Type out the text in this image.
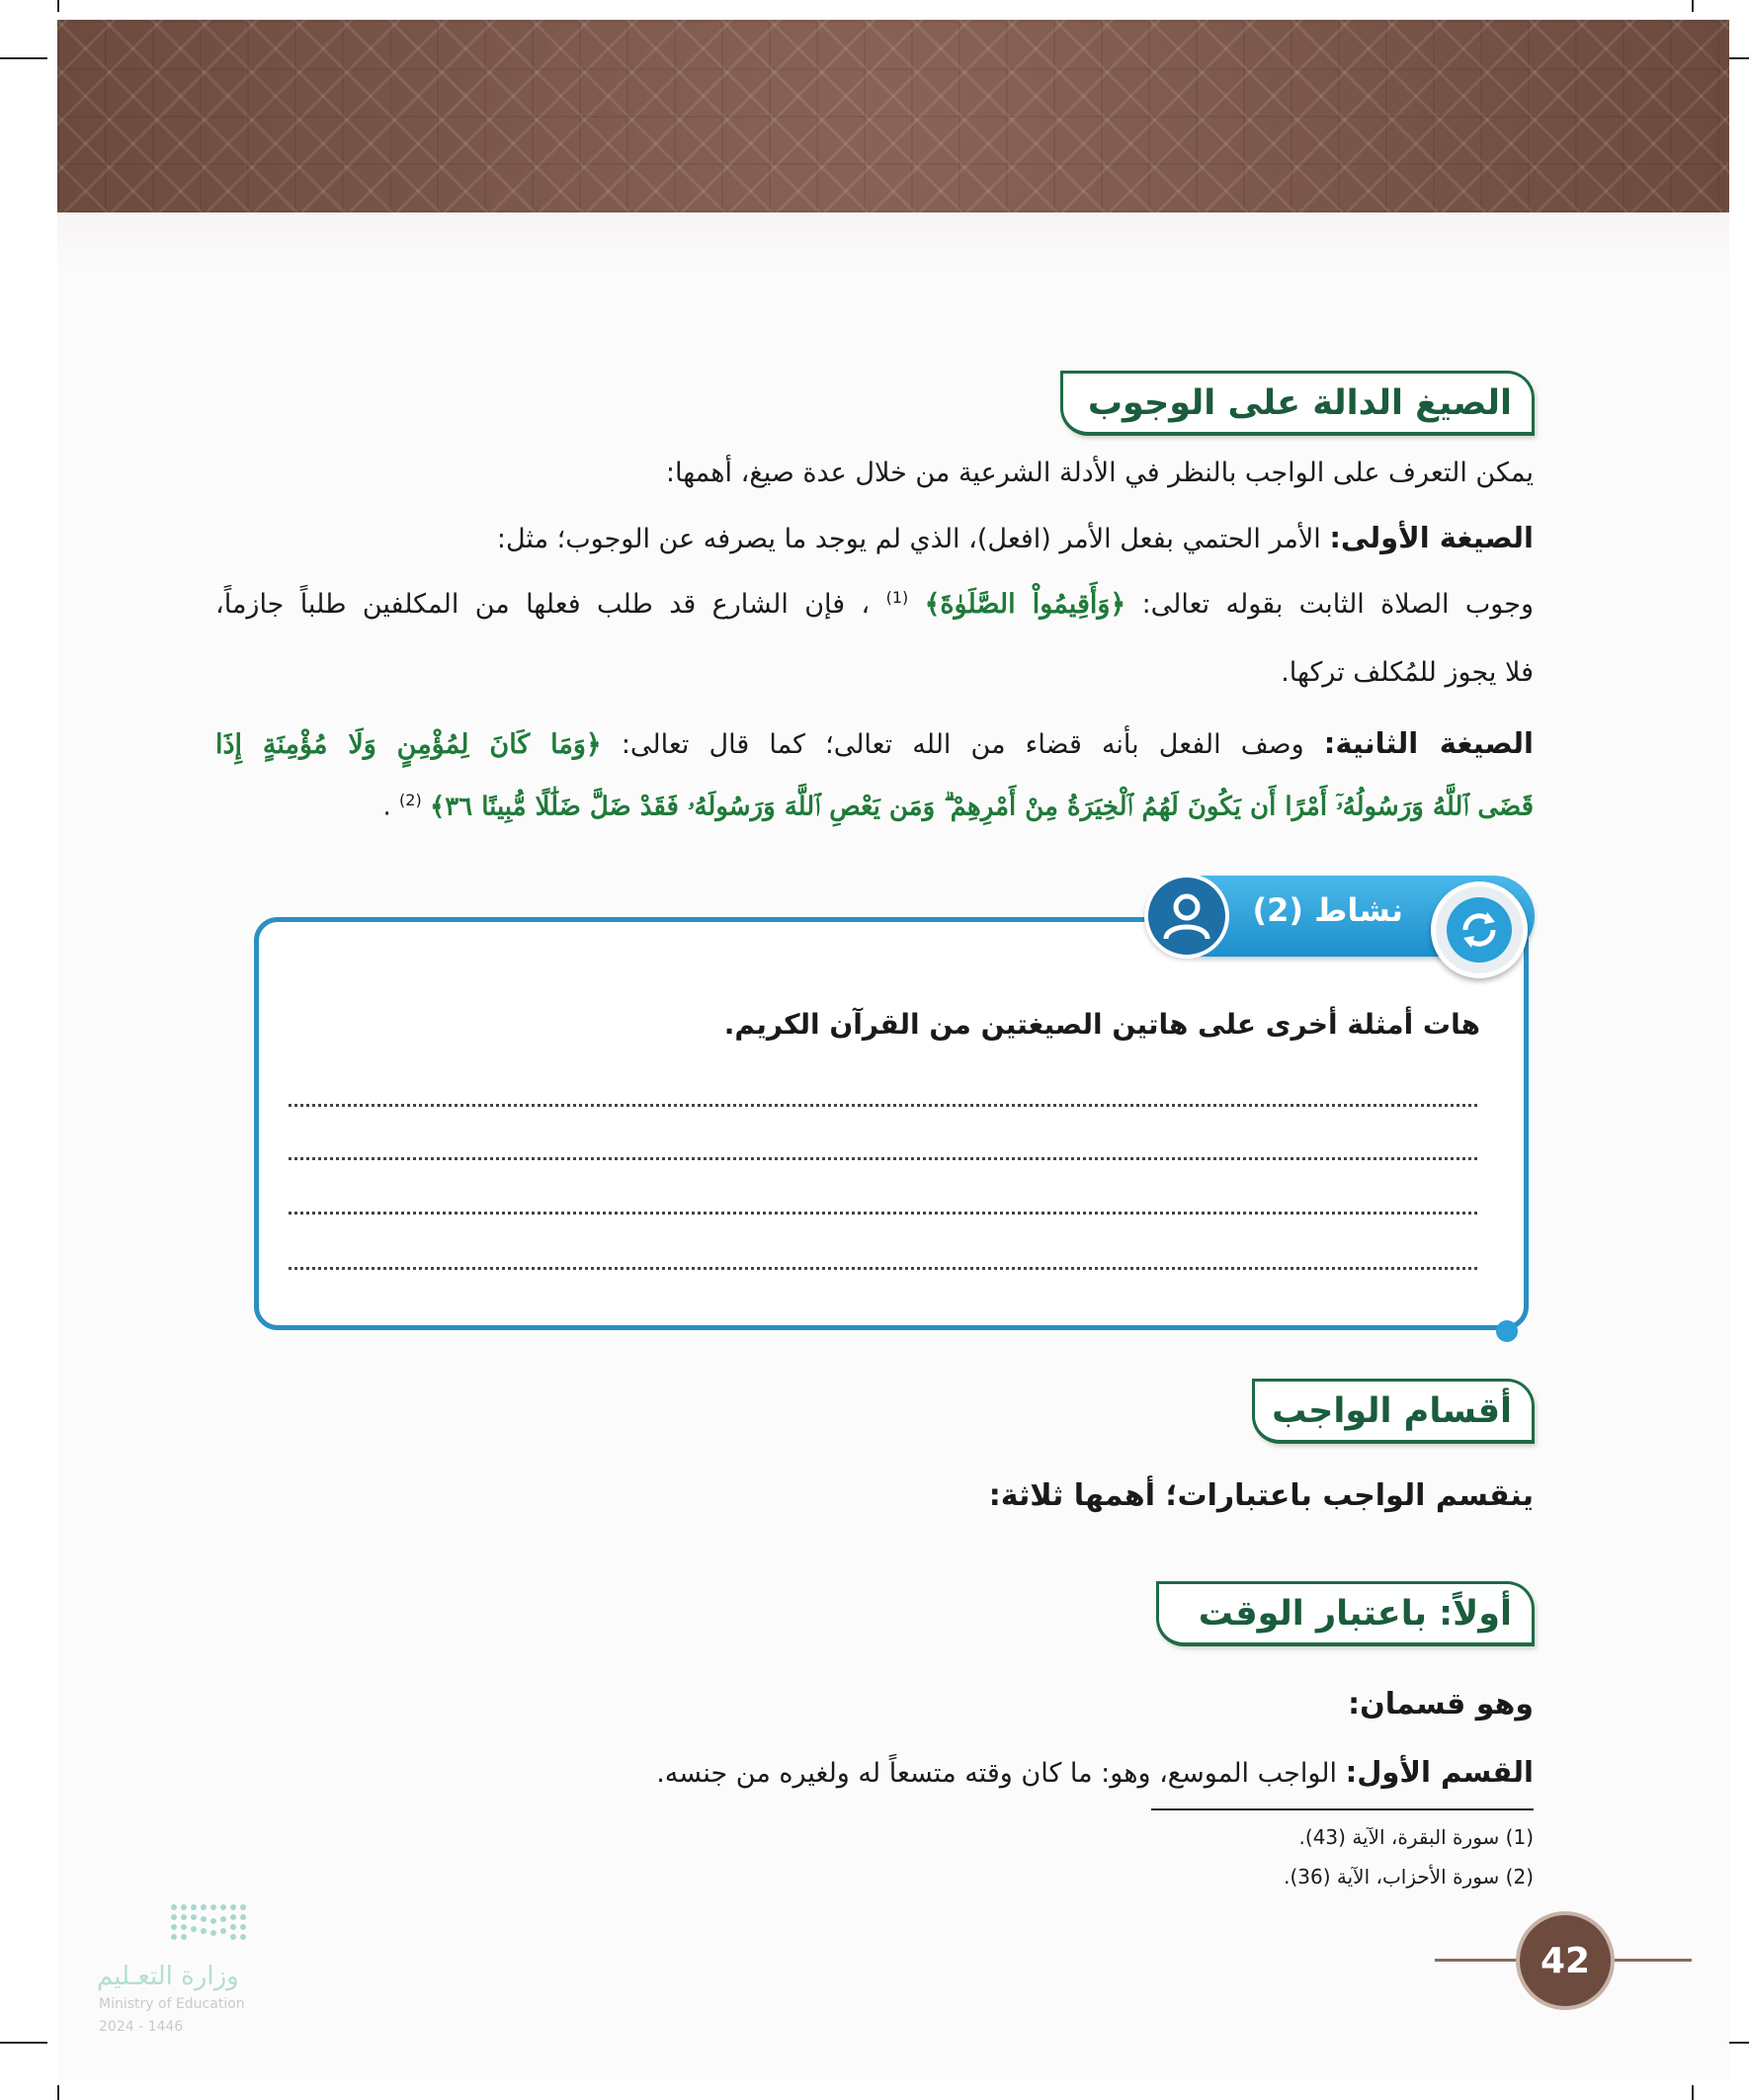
الصيغ الدالة على الوجوب
يمكن التعرف على الواجب بالنظر في الأدلة الشرعية من خلال عدة صيغ، أهمها:
الصيغة الأولى: الأمر الحتمي بفعل الأمر (افعل)، الذي لم يوجد ما يصرفه عن الوجوب؛ مثل:
وجوب الصلاة الثابت بقوله تعالى: ﴿وَأَقِيمُواْ الصَّلَوٰةَ﴾ $^{(1)}$ ، فإن الشارع قد طلب فعلها من المكلفين طلباً جازماً،
فلا يجوز للمُكلف تركها.
الصيغة الثانية: وصف الفعل بأنه قضاء من الله تعالى؛ كما قال تعالى: ﴿وَمَا كَانَ لِمُؤْمِنٍ وَلَا مُؤْمِنَةٍ إِذَا
قَضَى ٱللَّهُ وَرَسُولُهُۥٓ أَمْرًا أَن يَكُونَ لَهُمُ ٱلْخِيَرَةُ مِنْ أَمْرِهِمْ ۗ وَمَن يَعْصِ ٱللَّهَ وَرَسُولَهُۥ فَقَدْ ضَلَّ ضَلَٰلًا مُّبِينًا ٣٦﴾ $^{(2)}$ .
نشاط (2)
هات أمثلة أخرى على هاتين الصيغتين من القرآن الكريم.
أقسام الواجب
ينقسم الواجب باعتبارات؛ أهمها ثلاثة:
أولاً: باعتبار الوقت
وهو قسمان:
القسم الأول: الواجب الموسع، وهو: ما كان وقته متسعاً له ولغيره من جنسه.
(1) سورة البقرة، الآية (43).
(2) سورة الأحزاب، الآية (36).
42
وزارة التعـليم
Ministry of Education
2024 - 1446
